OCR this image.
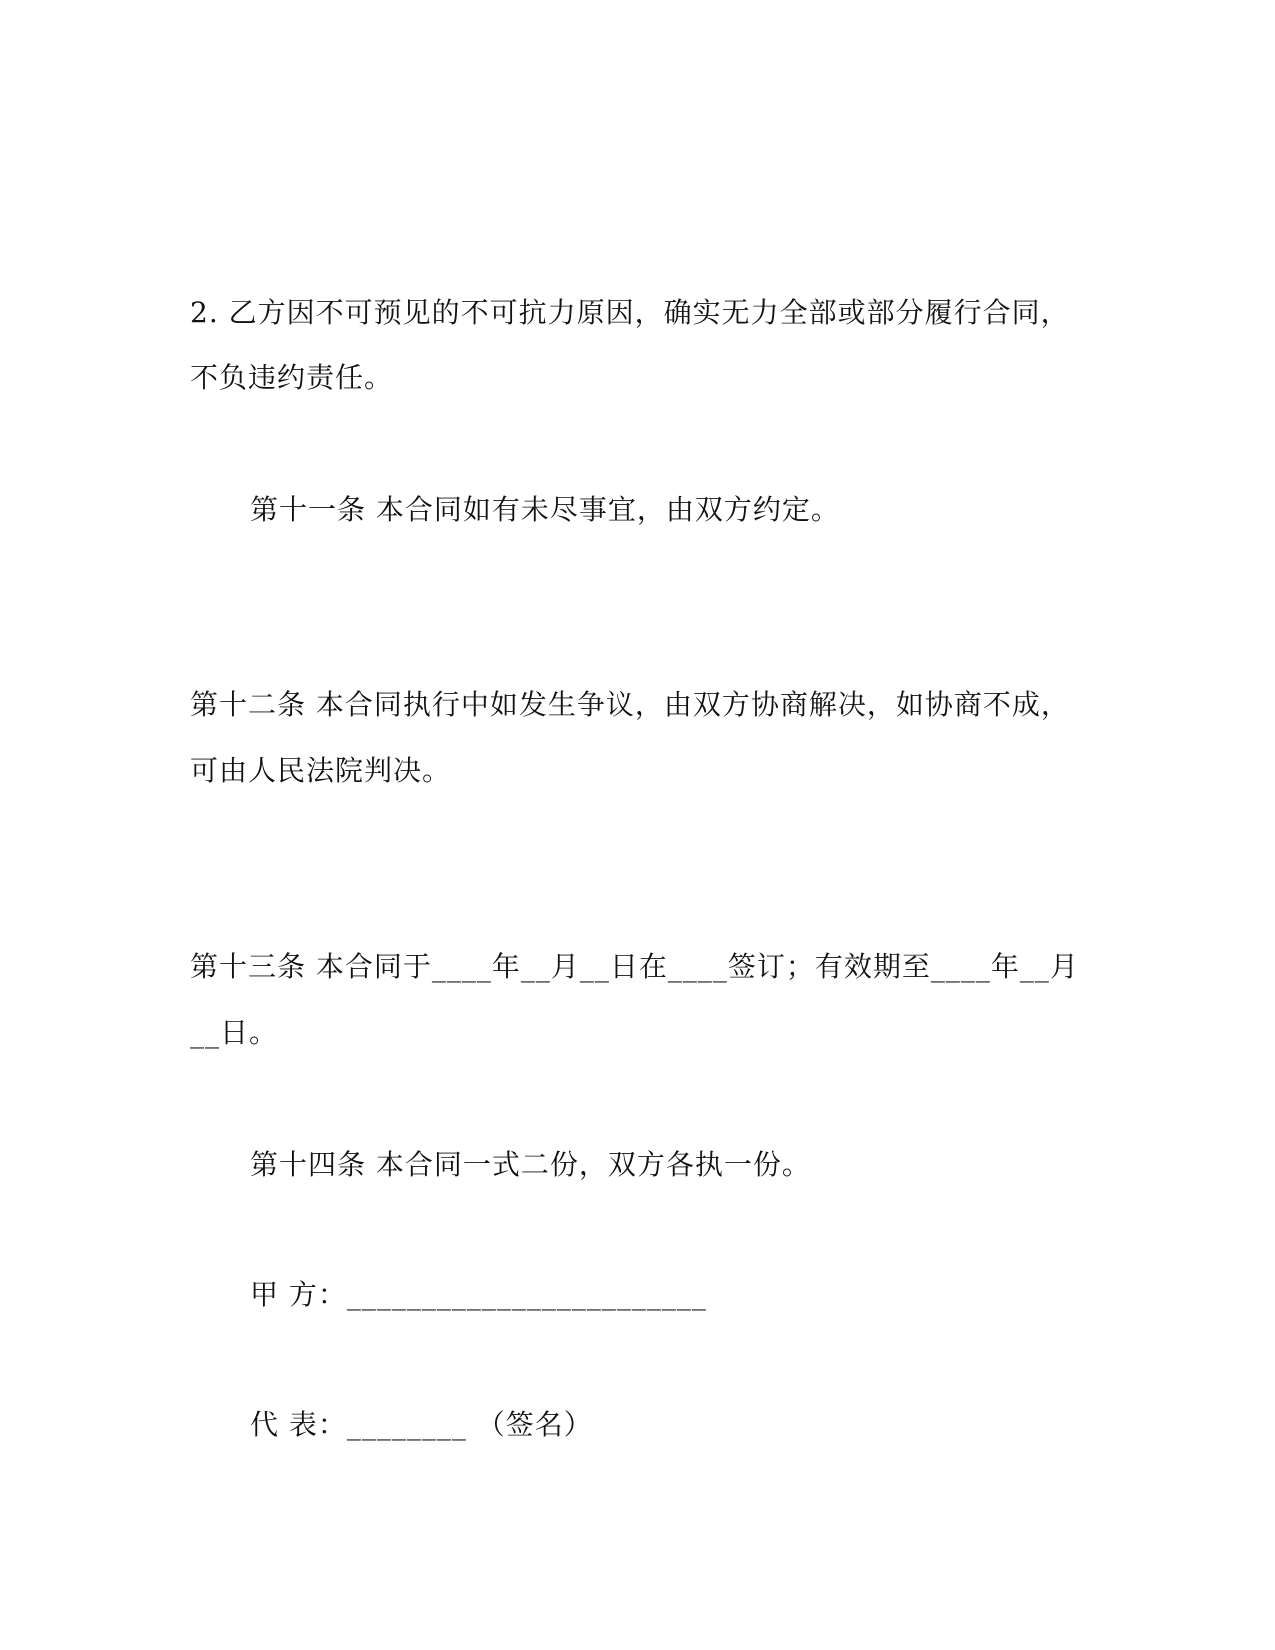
2. 乙方因不可预见的不可抗力原因，确实无力全部或部分履行合同，
不负违约责任。
第十一条 本合同如有未尽事宜，由双方约定。
第十二条 本合同执行中如发生争议，由双方协商解决，如协商不成，
可由人民法院判决。
第十三条 本合同于____年__月__日在____签订；有效期至____年__月
__日。
第十四条 本合同一式二份，双方各执一份。
甲 方：________________________
代 表：________ （签名）
